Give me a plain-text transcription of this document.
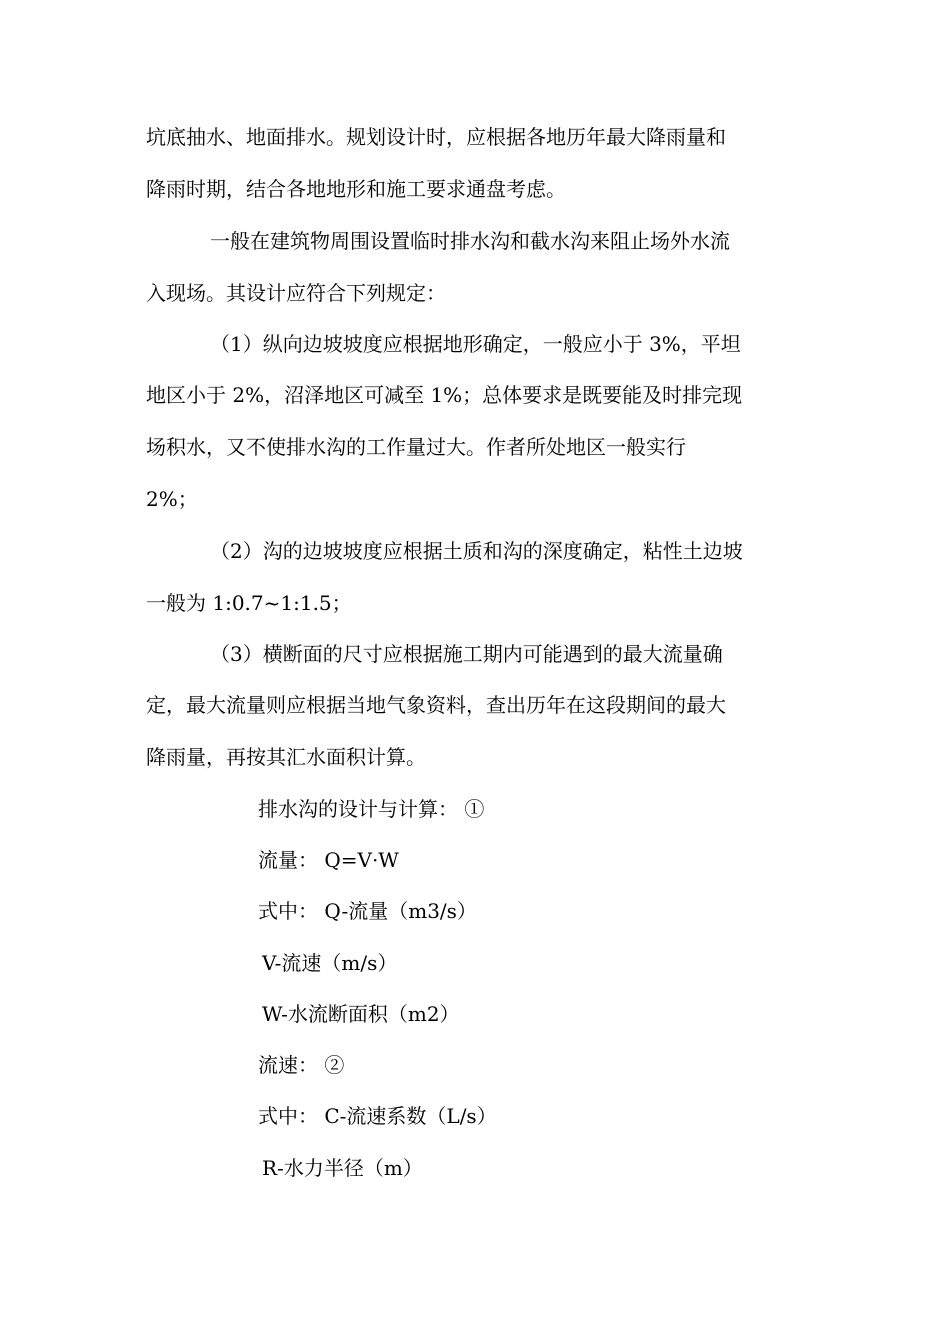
坑底抽水、地面排水。规划设计时，应根据各地历年最大降雨量和
降雨时期，结合各地地形和施工要求通盘考虑。
一般在建筑物周围设置临时排水沟和截水沟来阻止场外水流
入现场。其设计应符合下列规定：
（1）纵向边坡坡度应根据地形确定，一般应小于 3%，平坦
地区小于 2%，沼泽地区可减至 1%；总体要求是既要能及时排完现
场积水，又不使排水沟的工作量过大。作者所处地区一般实行
2%；
（2）沟的边坡坡度应根据土质和沟的深度确定，粘性土边坡
一般为 1:0.7~1:1.5；
（3）横断面的尺寸应根据施工期内可能遇到的最大流量确
定，最大流量则应根据当地气象资料，查出历年在这段期间的最大
降雨量，再按其汇水面积计算。
排水沟的设计与计算： ①
流量： Q=V·W
式中： Q-流量（m3/s）
V-流速（m/s）
W-水流断面积（m2）
流速： ②
式中： C-流速系数（L/s）
R-水力半径（m）
